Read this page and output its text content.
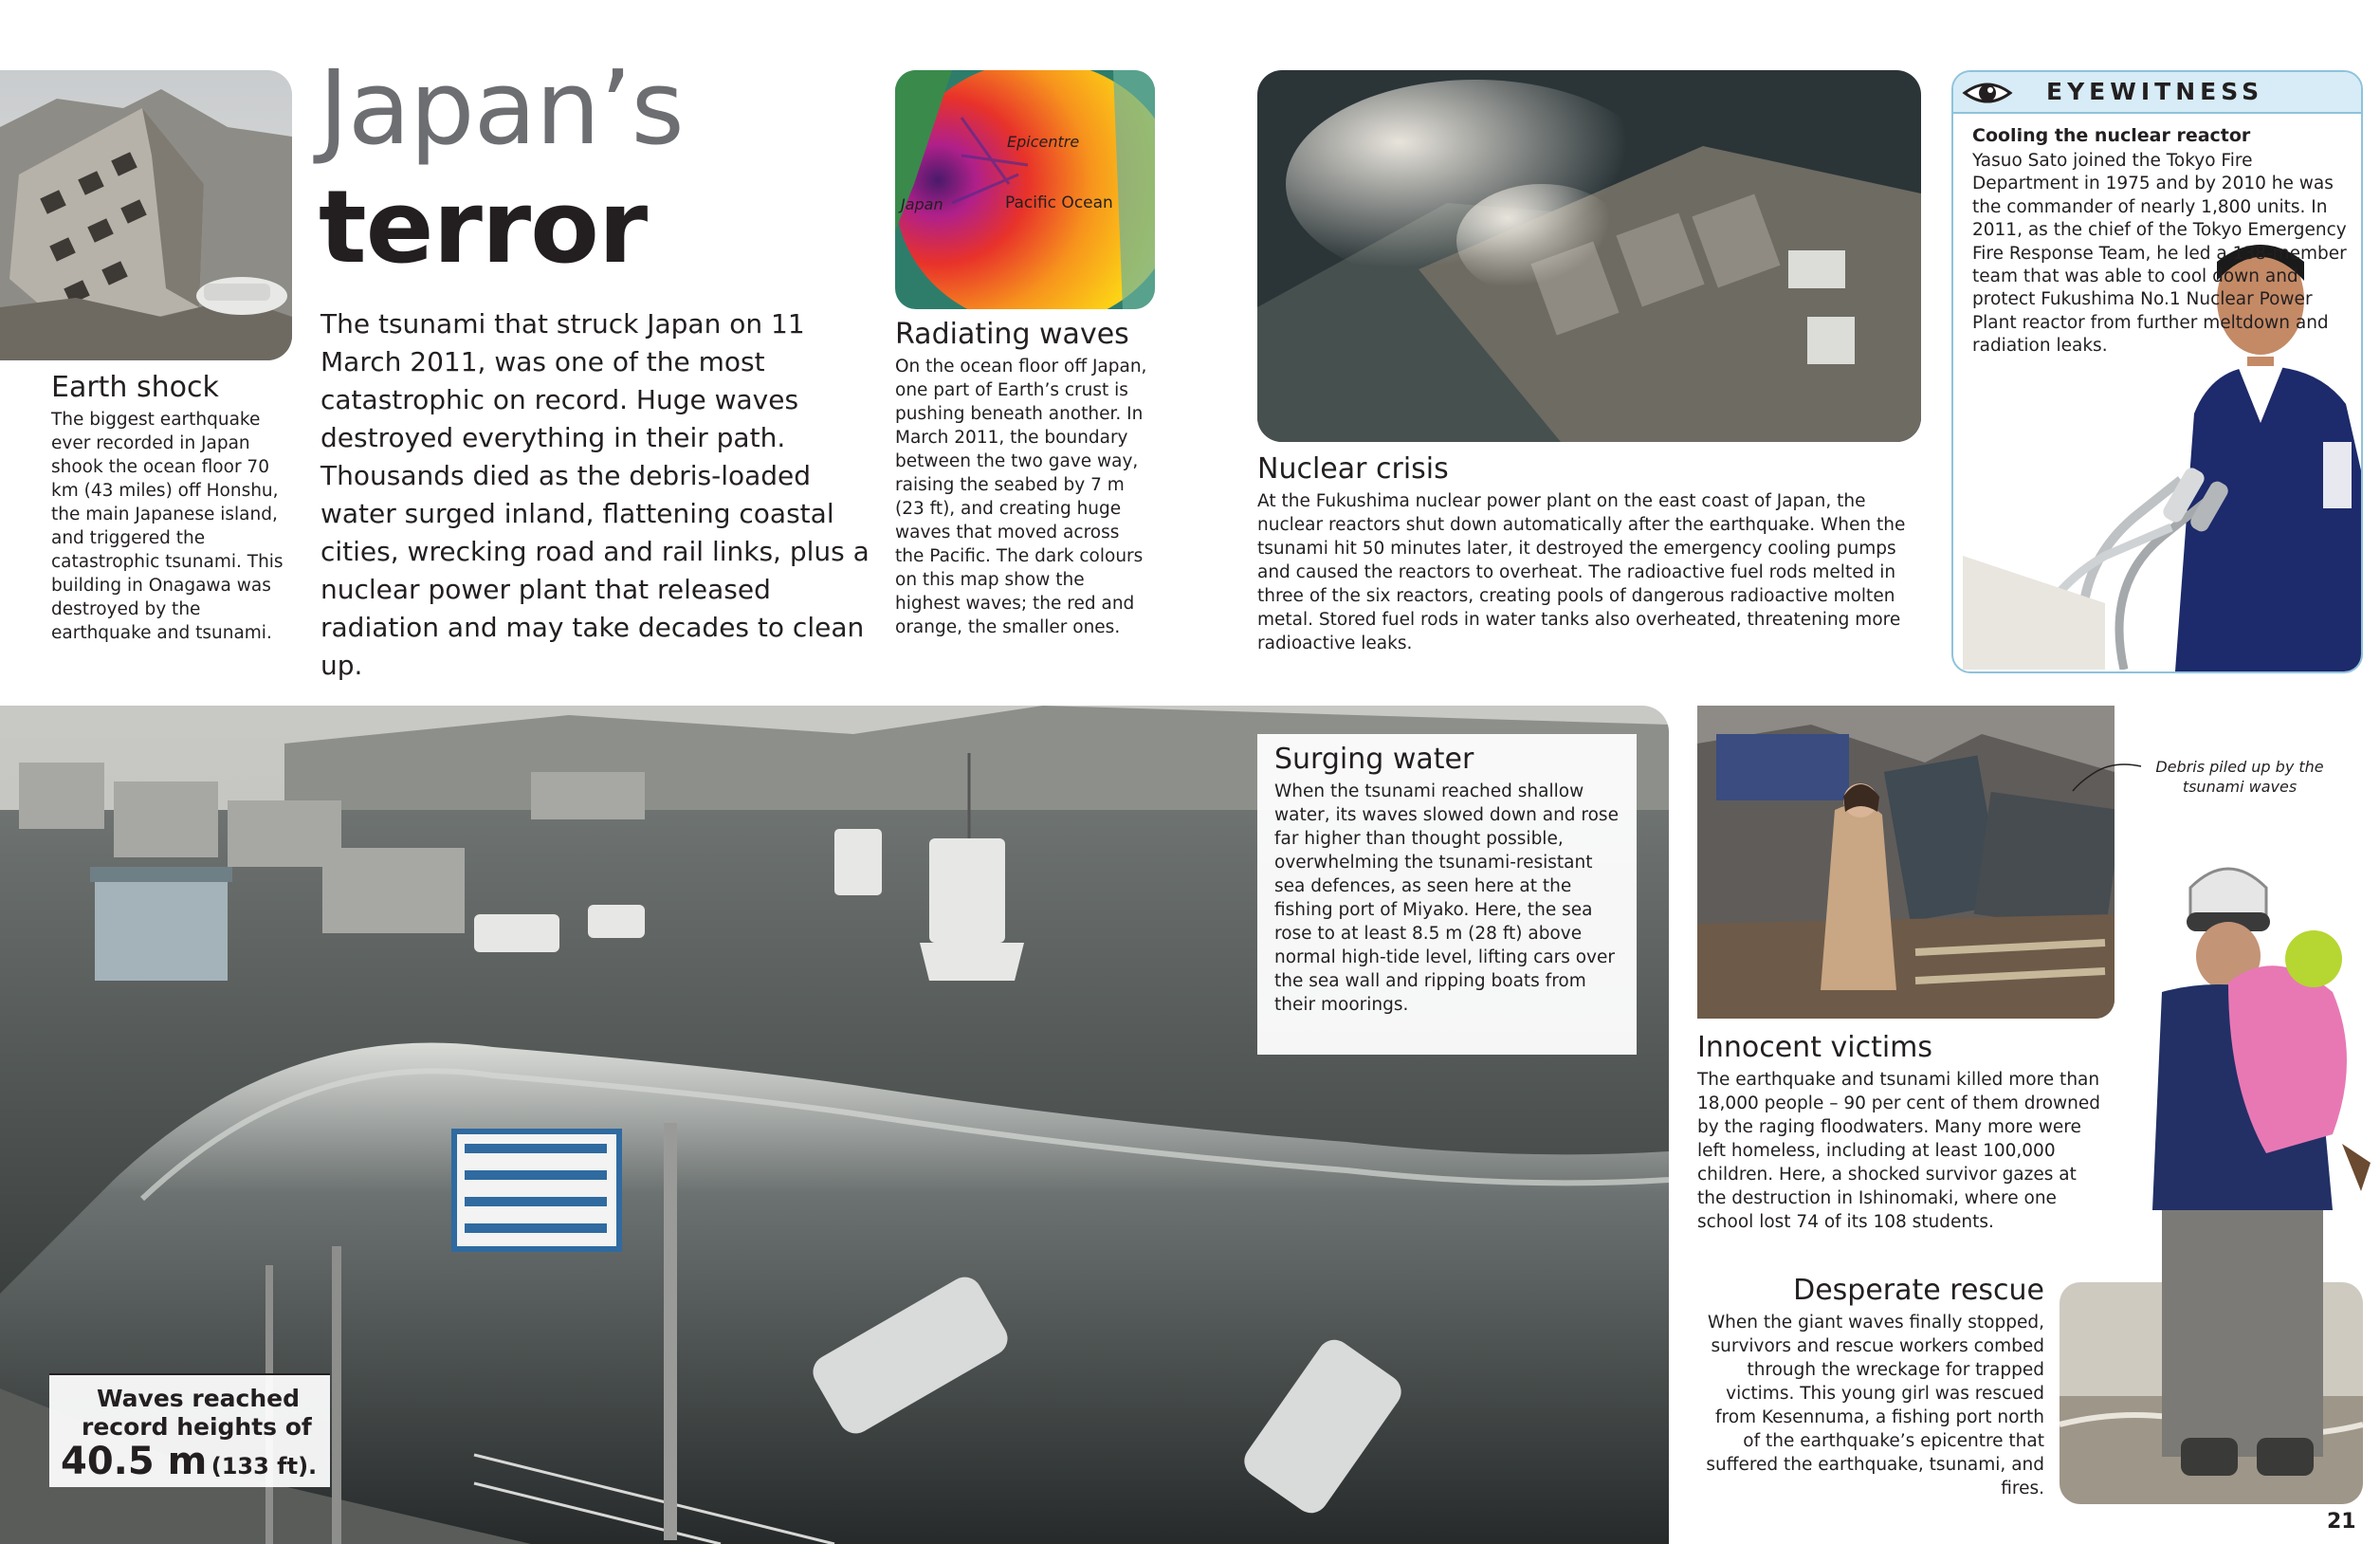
Earth shock
The biggest earthquake ever recorded in Japan shook the ocean floor 70 km (43 miles) off Honshu, the main Japanese island, and triggered the catastrophic tsunami. This building in Onagawa was destroyed by the earthquake and tsunami.
Japan’s
terror
The tsunami that struck Japan on 11 March 2011, was one of the most catastrophic on record. Huge waves destroyed everything in their path. Thousands died as the debris-loaded water surged inland, flattening coastal cities, wrecking road and rail links, plus a nuclear power plant that released radiation and may take decades to clean up.
Epicentre
Japan	Pacific Ocean
Radiating waves
On the ocean floor off Japan, one part of Earth’s crust is pushing beneath another. In March 2011, the boundary between the two gave way, raising the seabed by 7 m (23 ft), and creating huge waves that moved across the Pacific. The dark colours on this map show the highest waves; the red and orange, the smaller ones.
Nuclear crisis
At the Fukushima nuclear power plant on the east coast of Japan, the nuclear reactors shut down automatically after the earthquake. When the tsunami hit 50 minutes later, it destroyed the emergency cooling pumps and caused the reactors to overheat. The radioactive fuel rods melted in three of the six reactors, creating pools of dangerous radioactive molten metal. Stored fuel rods in water tanks also overheated, threatening more radioactive leaks.
EYEWITNESS
Cooling the nuclear reactor
Yasuo Sato joined the Tokyo Fire Department in 1975 and by 2010 he was the commander of nearly 1,800 units. In 2011, as the chief of the Tokyo Emergency Fire Response Team, he led a 138-member team that was able to cool down and protect Fukushima No.1 Nuclear Power Plant reactor from further meltdown and radiation leaks.
Surging water
When the tsunami reached shallow water, its waves slowed down and rose far higher than thought possible, overwhelming the tsunami-resistant sea defences, as seen here at the fishing port of Miyako. Here, the sea rose to at least 8.5 m (28 ft) above normal high-tide level, lifting cars over the sea wall and ripping boats from their moorings.
Waves reached
record heights of
40.5 m (133 ft).
Debris piled up by the tsunami waves
Innocent victims
The earthquake and tsunami killed more than 18,000 people – 90 per cent of them drowned by the raging floodwaters. Many more were left homeless, including at least 100,000 children. Here, a shocked survivor gazes at the destruction in Ishinomaki, where one school lost 74 of its 108 students.
Desperate rescue
When the giant waves finally stopped, survivors and rescue workers combed through the wreckage for trapped victims. This young girl was rescued from Kesennuma, a fishing port north of the earthquake’s epicentre that suffered the earthquake, tsunami, and fires.
21
